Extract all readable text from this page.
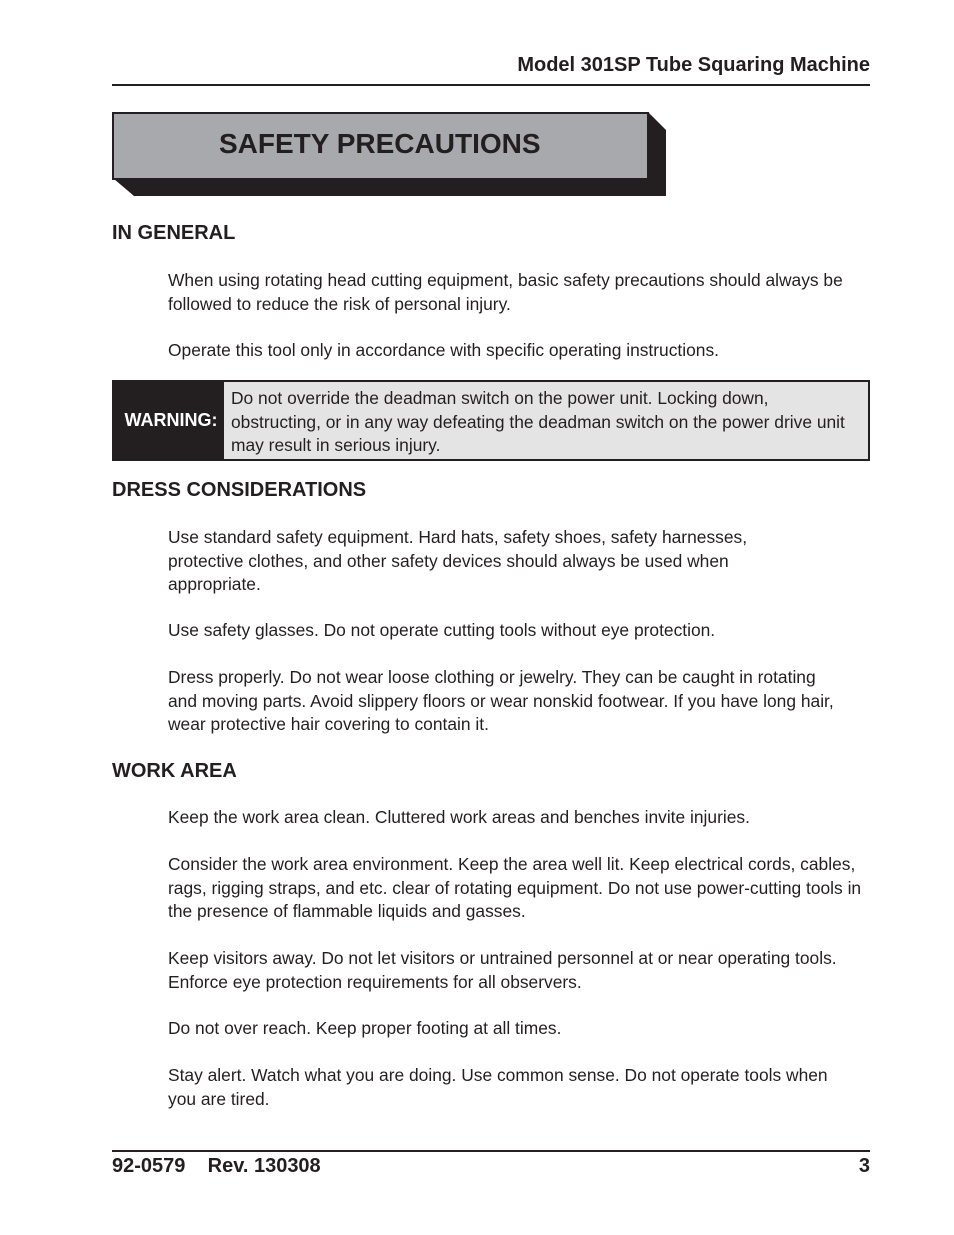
Model 301SP Tube Squaring Machine
SAFETY PRECAUTIONS
IN GENERAL

When using rotating head cutting equipment, basic safety precautions should always be followed to reduce the risk of personal injury.

Operate this tool only in accordance with specific operating instructions.

WARNING:
Do not override the deadman switch on the power unit. Locking down, obstructing, or in any way defeating the deadman switch on the power drive unit may result in serious injury.
DRESS CONSIDERATIONS

Use standard safety equipment. Hard hats, safety shoes, safety harnesses, protective clothes, and other safety devices should always be used when appropriate.

Use safety glasses. Do not operate cutting tools without eye protection.

Dress properly. Do not wear loose clothing or jewelry. They can be caught in rotating and moving parts. Avoid slippery floors or wear nonskid footwear. If you have long hair, wear protective hair covering to contain it.

WORK AREA

Keep the work area clean. Cluttered work areas and benches invite injuries.

Consider the work area environment. Keep the area well lit. Keep electrical cords, cables, rags, rigging straps, and etc. clear of rotating equipment. Do not use power-cutting tools in the presence of flammable liquids and gasses.

Keep visitors away. Do not let visitors or untrained personnel at or near operating tools. Enforce eye protection requirements for all observers.

Do not over reach. Keep proper footing at all times.

Stay alert. Watch what you are doing. Use common sense. Do not operate tools when you are tired.

92-0579    Rev. 130308	3
